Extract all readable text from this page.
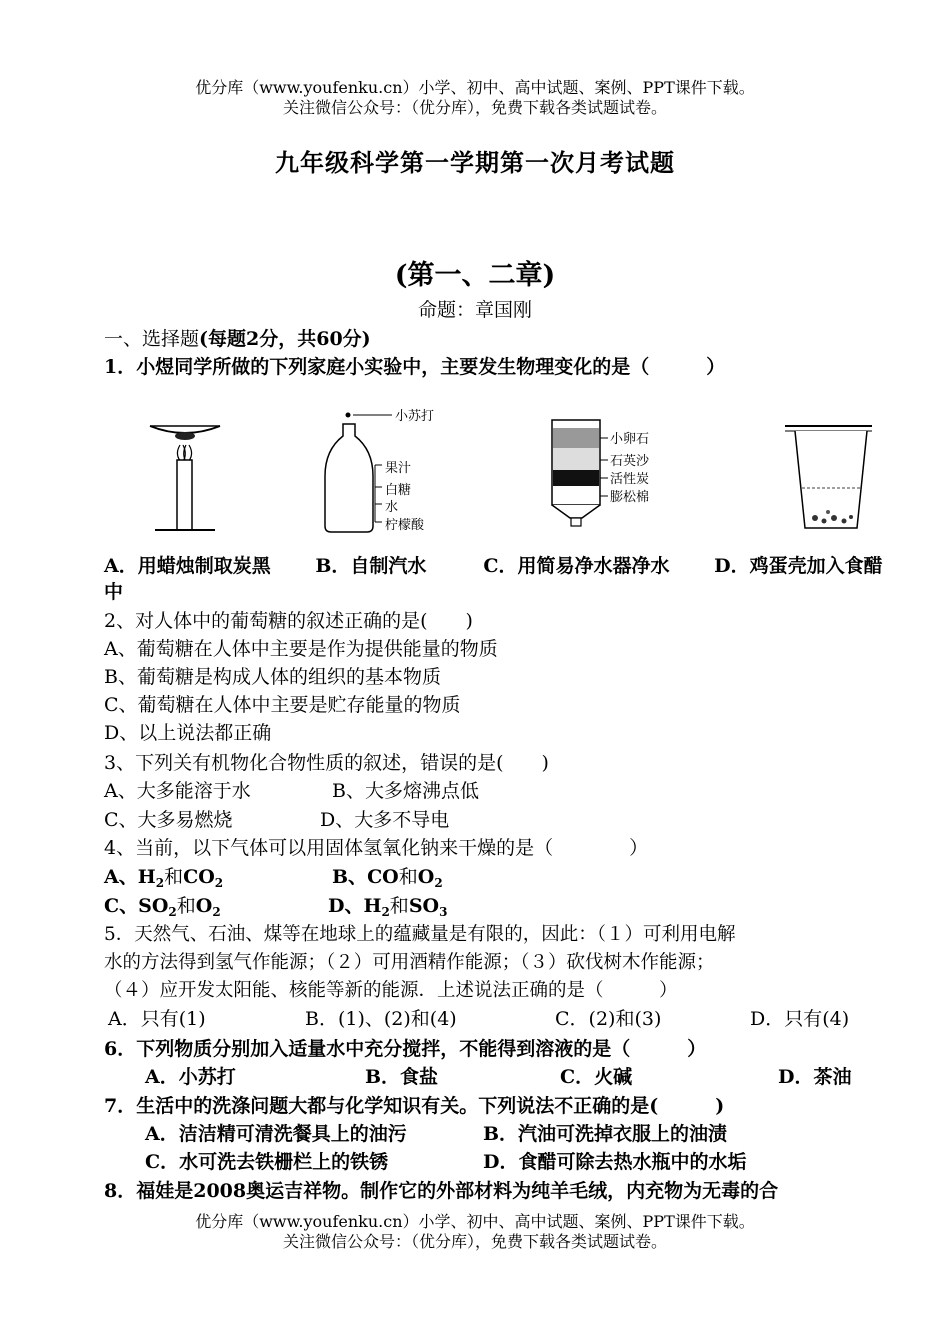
优分库（www.youfenku.cn）小学、初中、高中试题、案例、PPT课件下载。
关注微信公众号：（优分库），免费下载各类试题试卷。
九年级科学第一学期第一次月考试题
(第一、二章)
命题：章国刚
一、选择题(每题2分，共60分)
1．小煜同学所做的下列家庭小实验中，主要发生物理变化的是（　　　）
小苏打
果汁
白糖
水
柠檬酸
小卵石
石英沙
活性炭
膨松棉
A．用蜡烛制取炭黑　　 B．自制汽水　　　C．用简易净水器净水　　 D．鸡蛋壳加入食醋
中
2、对人体中的葡萄糖的叙述正确的是(　　)
A、葡萄糖在人体中主要是作为提供能量的物质
B、葡萄糖是构成人体的组织的基本物质
C、葡萄糖在人体中主要是贮存能量的物质
D、以上说法都正确
3、下列关有机物化合物性质的叙述，错误的是(　　)
A、大多能溶于水	B、大多熔沸点低
C、大多易燃烧	D、大多不导电
4、当前，以下气体可以用固体氢氧化钠来干燥的是（　　　　）
A、$H_2$和$CO_2$	B、CO和$O_2$
C、$SO_2$和$O_2$	D、$H_2$和$SO_3$
5．天然气、石油、煤等在地球上的蕴藏量是有限的，因此：（１）可利用电解
水的方法得到氢气作能源；（２）可用酒精作能源；（３）砍伐树木作能源；
（４）应开发太阳能、核能等新的能源．上述说法正确的是（　　　）
A．只有(1)	B．(1)、(2)和(4)	C．(2)和(3)	D．只有(4)
6．下列物质分别加入适量水中充分搅拌，不能得到溶液的是（　　　）
A．小苏打	B．食盐	C．火碱	D．茶油
7．生活中的洗涤问题大都与化学知识有关。下列说法不正确的是(　　　)
A．洁洁精可清洗餐具上的油污	B．汽油可洗掉衣服上的油渍
C．水可洗去铁栅栏上的铁锈	D．食醋可除去热水瓶中的水垢
8．福娃是2008奥运吉祥物。制作它的外部材料为纯羊毛绒，内充物为无毒的合
优分库（www.youfenku.cn）小学、初中、高中试题、案例、PPT课件下载。
关注微信公众号：（优分库），免费下载各类试题试卷。
